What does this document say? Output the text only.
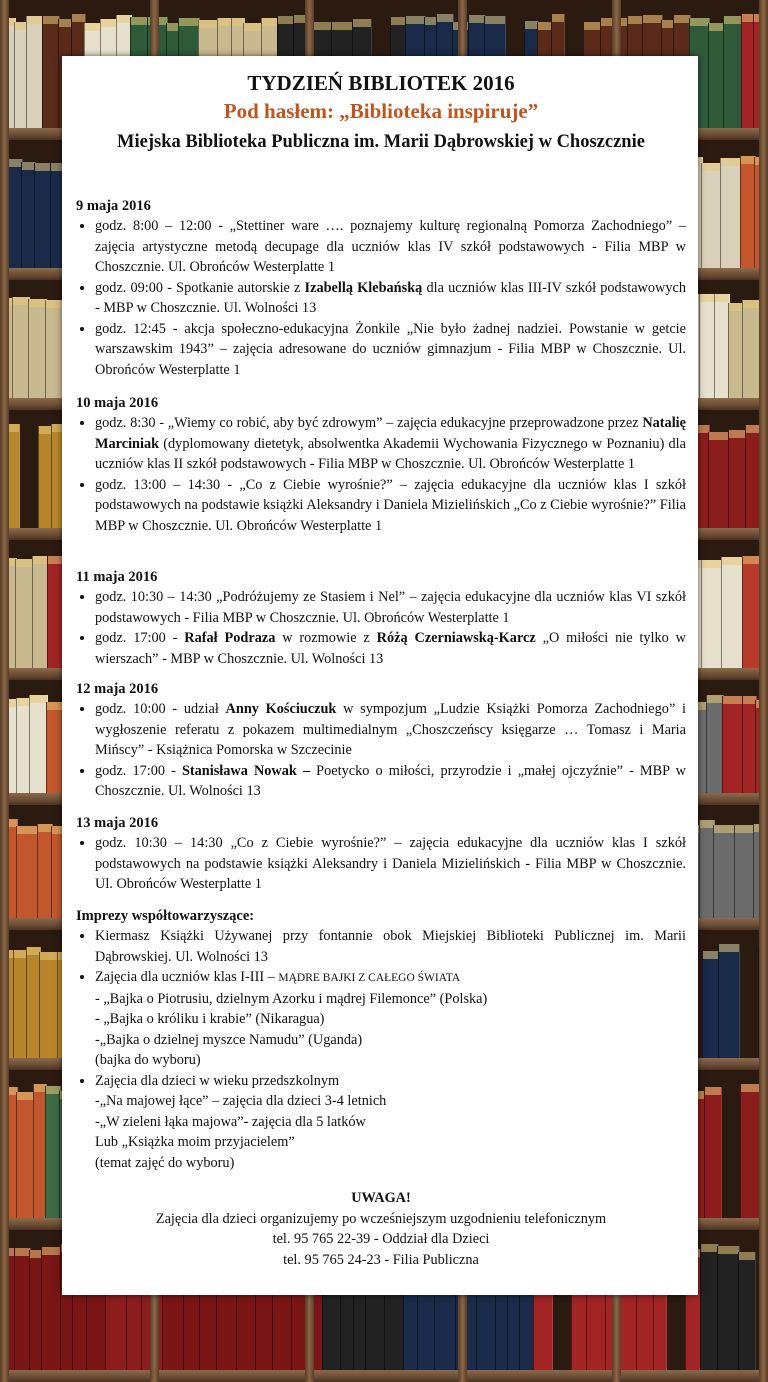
TYDZIEŃ BIBLIOTEK 2016

Pod hasłem: „Biblioteka inspiruje”

Miejska Biblioteka Publiczna im. Marii Dąbrowskiej w Choszcznie

9 maja 2016

• godz. 8:00 – 12:00 - „Stettiner ware …. poznajemy kulturę regionalną Pomorza Zachodniego” – zajęcia artystyczne metodą decupage dla uczniów klas IV szkół podstawowych - Filia MBP w Choszcznie. Ul. Obrońców Westerplatte 1
• godz. 09:00 - Spotkanie autorskie z Izabellą Klebańską dla uczniów klas III-IV szkół podstawowych - MBP w Choszcznie. Ul. Wolności 13
• godz. 12:45 - akcja społeczno-edukacyjna Żonkile „Nie było żadnej nadziei. Powstanie w getcie warszawskim 1943” – zajęcia adresowane do uczniów gimnazjum - Filia MBP w Choszcznie. Ul. Obrońców Westerplatte 1

10 maja 2016

• godz. 8:30 - „Wiemy co robić, aby być zdrowym” – zajęcia edukacyjne przeprowadzone przez Natalię Marciniak (dyplomowany dietetyk, absolwentka Akademii Wychowania Fizycznego w Poznaniu) dla uczniów klas II szkół podstawowych - Filia MBP w Choszcznie. Ul. Obrońców Westerplatte 1
• godz. 13:00 – 14:30 - „Co z Ciebie wyrośnie?” – zajęcia edukacyjne dla uczniów klas I szkół podstawowych na podstawie książki Aleksandry i Daniela Mizielińskich „Co z Ciebie wyrośnie?” Filia MBP w Choszcznie. Ul. Obrońców Westerplatte 1

11 maja 2016

• godz. 10:30 – 14:30 „Podróżujemy ze Stasiem i Nel” – zajęcia edukacyjne dla uczniów klas VI szkół podstawowych - Filia MBP w Choszcznie. Ul. Obrońców Westerplatte 1
• godz. 17:00 - Rafał Podraza w rozmowie z Różą Czerniawską-Karcz „O miłości nie tylko w wierszach” - MBP w Choszcznie. Ul. Wolności 13

12 maja 2016

• godz. 10:00 - udział Anny Kościuczuk w sympozjum „Ludzie Książki Pomorza Zachodniego” i wygłoszenie referatu z pokazem multimedialnym „Choszczeńscy księgarze … Tomasz i Maria Mińscy” - Książnica Pomorska w Szczecinie
• godz. 17:00 - Stanisława Nowak – Poetycko o miłości, przyrodzie i „małej ojczyźnie” - MBP w Choszcznie. Ul. Wolności 13

13 maja 2016

• godz. 10:30 – 14:30 „Co z Ciebie wyrośnie?” – zajęcia edukacyjne dla uczniów klas I szkół podstawowych na podstawie książki Aleksandry i Daniela Mizielińskich - Filia MBP w Choszcznie. Ul. Obrońców Westerplatte 1

Imprezy współtowarzyszące:

• Kiermasz Książki Używanej przy fontannie obok Miejskiej Biblioteki Publicznej im. Marii Dąbrowskiej. Ul. Wolności 13
• Zajęcia dla uczniów klas I-III – MĄDRE BAJKI Z CAŁEGO ŚWIATA
- „Bajka o Piotrusiu, dzielnym Azorku i mądrej Filemonce” (Polska)
- „Bajka o króliku i krabie” (Nikaragua)
-„Bajka o dzielnej myszce Namudu” (Uganda)
(bajka do wyboru)
• Zajęcia dla dzieci w wieku przedszkolnym
-„Na majowej łące” – zajęcia dla dzieci 3-4 letnich
-„W zieleni łąka majowa”- zajęcia dla 5 latków
Lub „Książka moim przyjacielem”
(temat zajęć do wyboru)

UWAGA!

Zajęcia dla dzieci organizujemy po wcześniejszym uzgodnieniu telefonicznym

tel. 95 765 22-39 - Oddział dla Dzieci

tel. 95 765 24-23 - Filia Publiczna
